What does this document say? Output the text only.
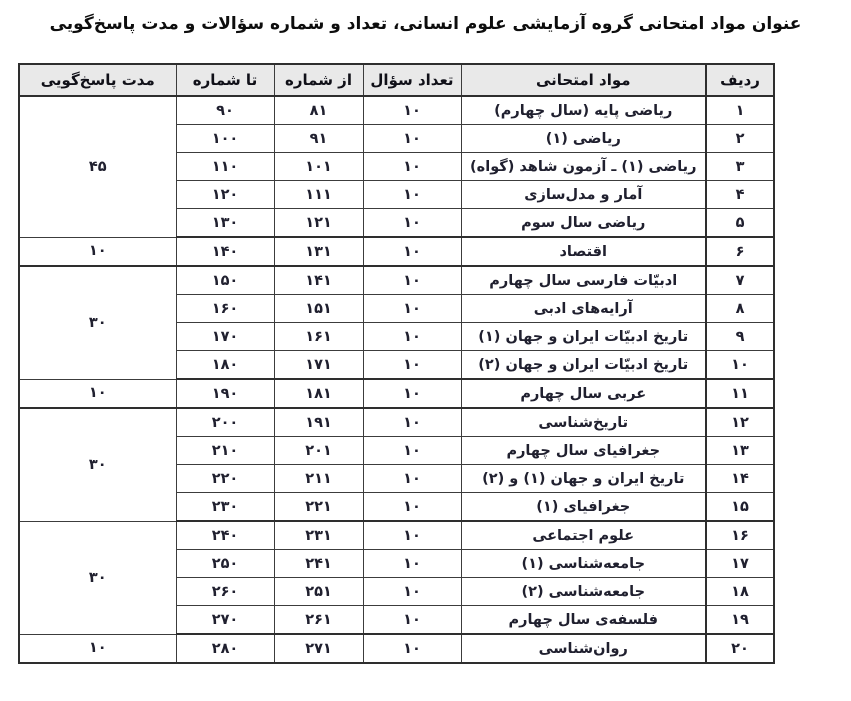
عنوان مواد امتحانی گروه آزمایشی علوم انسانی، تعداد و شماره سؤالات و مدت پاسخ‌گویی
ردیف	مواد امتحانی	تعداد سؤال	از شماره	تا شماره	مدت پاسخ‌گویی
۱	ریاضی پایه (سال چهارم)	۱۰	۸۱	۹۰	۴۵
۲	ریاضی (۱)	۱۰	۹۱	۱۰۰	
۳	ریاضی (۱) ـ آزمون شاهد (گواه)	۱۰	۱۰۱	۱۱۰	
۴	آمار و مدل‌سازی	۱۰	۱۱۱	۱۲۰	
۵	ریاضی سال سوم	۱۰	۱۲۱	۱۳۰	
۶	اقتصاد	۱۰	۱۳۱	۱۴۰	۱۰
۷	ادبیّات فارسی سال چهارم	۱۰	۱۴۱	۱۵۰	۳۰
۸	آرایه‌های ادبی	۱۰	۱۵۱	۱۶۰	
۹	تاریخ ادبیّات ایران و جهان (۱)	۱۰	۱۶۱	۱۷۰	
۱۰	تاریخ ادبیّات ایران و جهان (۲)	۱۰	۱۷۱	۱۸۰	
۱۱	عربی سال چهارم	۱۰	۱۸۱	۱۹۰	۱۰
۱۲	تاریخ‌شناسی	۱۰	۱۹۱	۲۰۰	۳۰
۱۳	جغرافیای سال چهارم	۱۰	۲۰۱	۲۱۰	
۱۴	تاریخ ایران و جهان (۱) و (۲)	۱۰	۲۱۱	۲۲۰	
۱۵	جغرافیای (۱)	۱۰	۲۲۱	۲۳۰	
۱۶	علوم اجتماعی	۱۰	۲۳۱	۲۴۰	۳۰
۱۷	جامعه‌شناسی (۱)	۱۰	۲۴۱	۲۵۰	
۱۸	جامعه‌شناسی (۲)	۱۰	۲۵۱	۲۶۰	
۱۹	فلسفه‌ی سال چهارم	۱۰	۲۶۱	۲۷۰	
۲۰	روان‌شناسی	۱۰	۲۷۱	۲۸۰	۱۰
